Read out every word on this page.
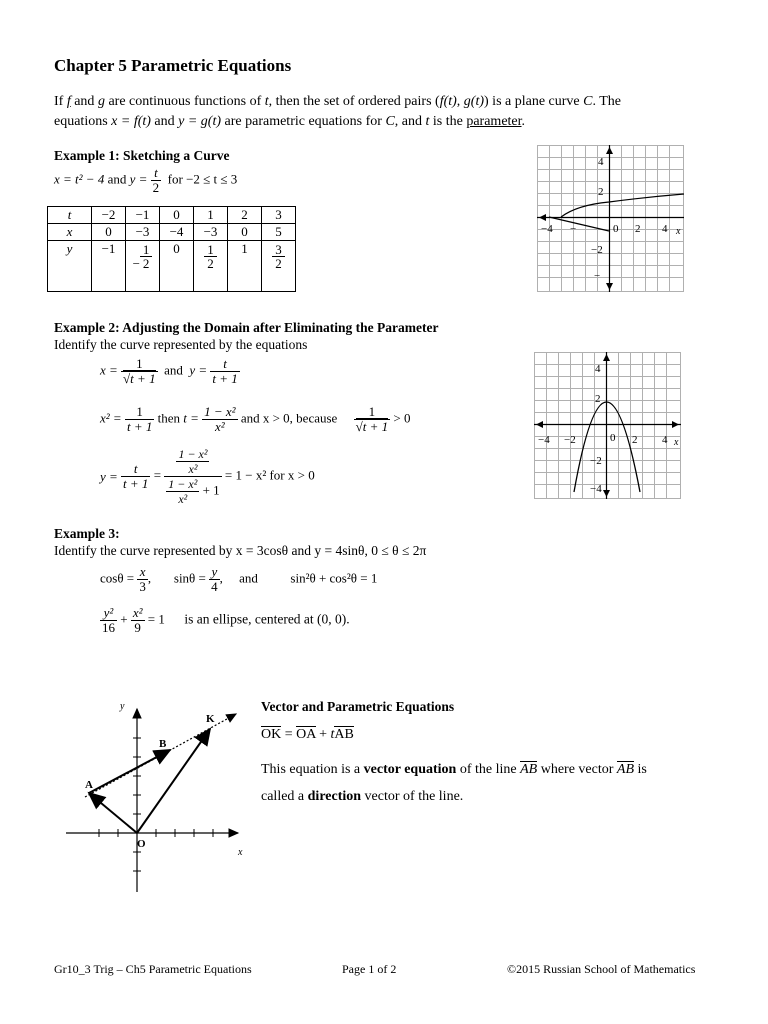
Chapter 5 Parametric Equations
If f and g are continuous functions of t, then the set of ordered pairs (f(t), g(t)) is a plane curve C. The
equations x = f(t) and y = g(t) are parametric equations for C, and t is the parameter.
Example 1: Sketching a Curve
x = t² − 4 and $y = \frac{t}{2}$ for −2 ≤ t ≤ 3
t	−2	−1	0	1	2	3
x	0	−3	−4	−3	0	5
y	−1	− $\frac{1}{2}$	0	$\frac{1}{2}$	1	$\frac{3}{2}$
4
2
−2
−
−4 −	0 2 4 x
Example 2: Adjusting the Domain after Eliminating the Parameter
Identify the curve represented by the equations
$x = \frac{1}{√t + 1}$ and $y = \frac{t}{t + 1}$
$x^2 = \frac{1}{t + 1}$ then $t = \frac{\text{1 − x²}}{\text{x²}}$ and x > 0, because $\frac{1}{√t + 1} > 0$
$y = \frac{t}{t + 1} = \frac{\frac{\text{1 − x²}}{\text{x²}}}{\frac{\text{1 − x²}}{\text{x²}} + 1} = 1 - x^2$ for x > 0
4
2
−2
−4
−4 −2	0 2 4 x
Example 3:
Identify the curve represented by x = 3cosθ and y = 4sinθ, 0 ≤ θ ≤ 2π
$\cos\theta = \frac{x}{3}$ , $\sin\theta = \frac{y}{4}$ , and	sin²θ + cos²θ = 1
$\frac{\text{y²}}{16} + \frac{\text{x²}}{9} = 1$ is an ellipse, centered at (0, 0).
y
x
K
B
A
O
Vector and Parametric Equations
OK = OA + tAB
This equation is a vector equation of the line AB where vector AB is
called a direction vector of the line.
Gr10_3 Trig – Ch5 Parametric Equations	Page 1 of 2	©2015 Russian School of Mathematics
